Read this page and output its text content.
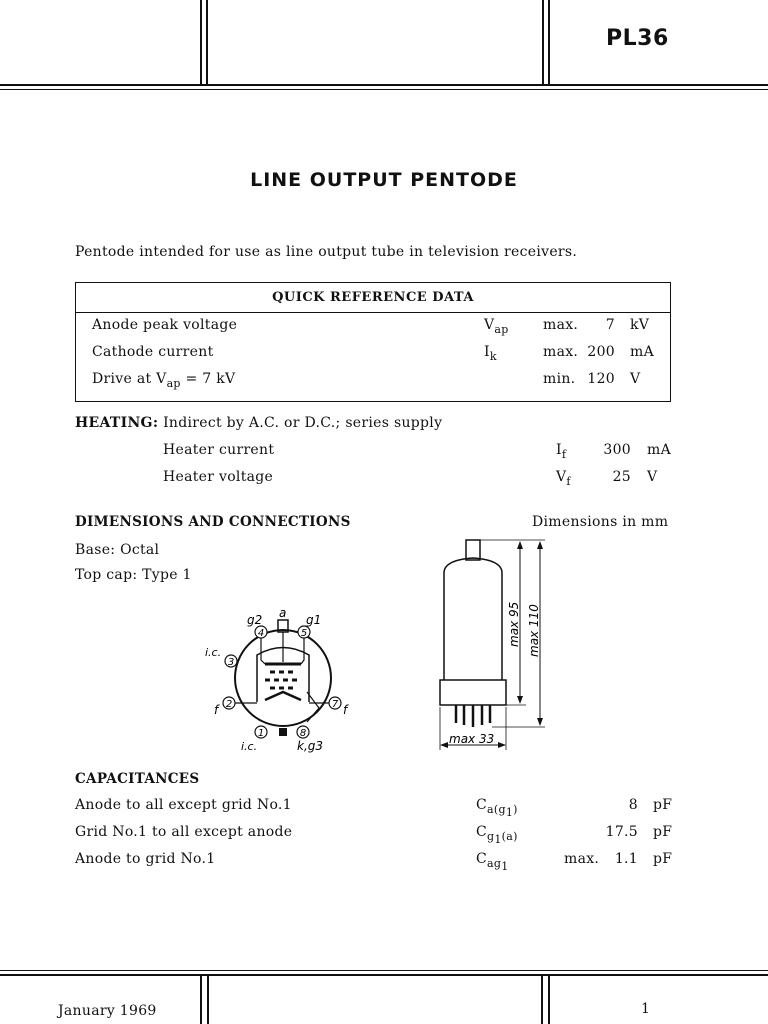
PL36
LINE OUTPUT PENTODE
Pentode intended for use as line output tube in television receivers.
QUICK REFERENCE DATA
Anode peak voltage	$V_{ap}$ max.	7 kV
Cathode current	$I_k$	max. 200 mA
Drive at $V_{ap} = 7$ kV	min. 120 V
HEATING: Indirect by A.C. or D.C.; series supply
Heater current	$I_f$	300 mA
Heater voltage	$V_f$	25 V
DIMENSIONS AND CONNECTIONS	Dimensions in mm
Base: Octal
Top cap: Type 1
4	5
3
2	7
1	8
g2 a g1
i.c.
f	f
i.c.	k,g3
max 95 max 110
max 33
CAPACITANCES
Anode to all except grid No.1	$C_{a(g_1)}$	8 pF
Grid No.1 to all except anode	$C_{g_1(a)}$	17.5 pF
Anode to grid No.1	$C_{ag_1}$	max.	1.1 pF
January 1969	1
